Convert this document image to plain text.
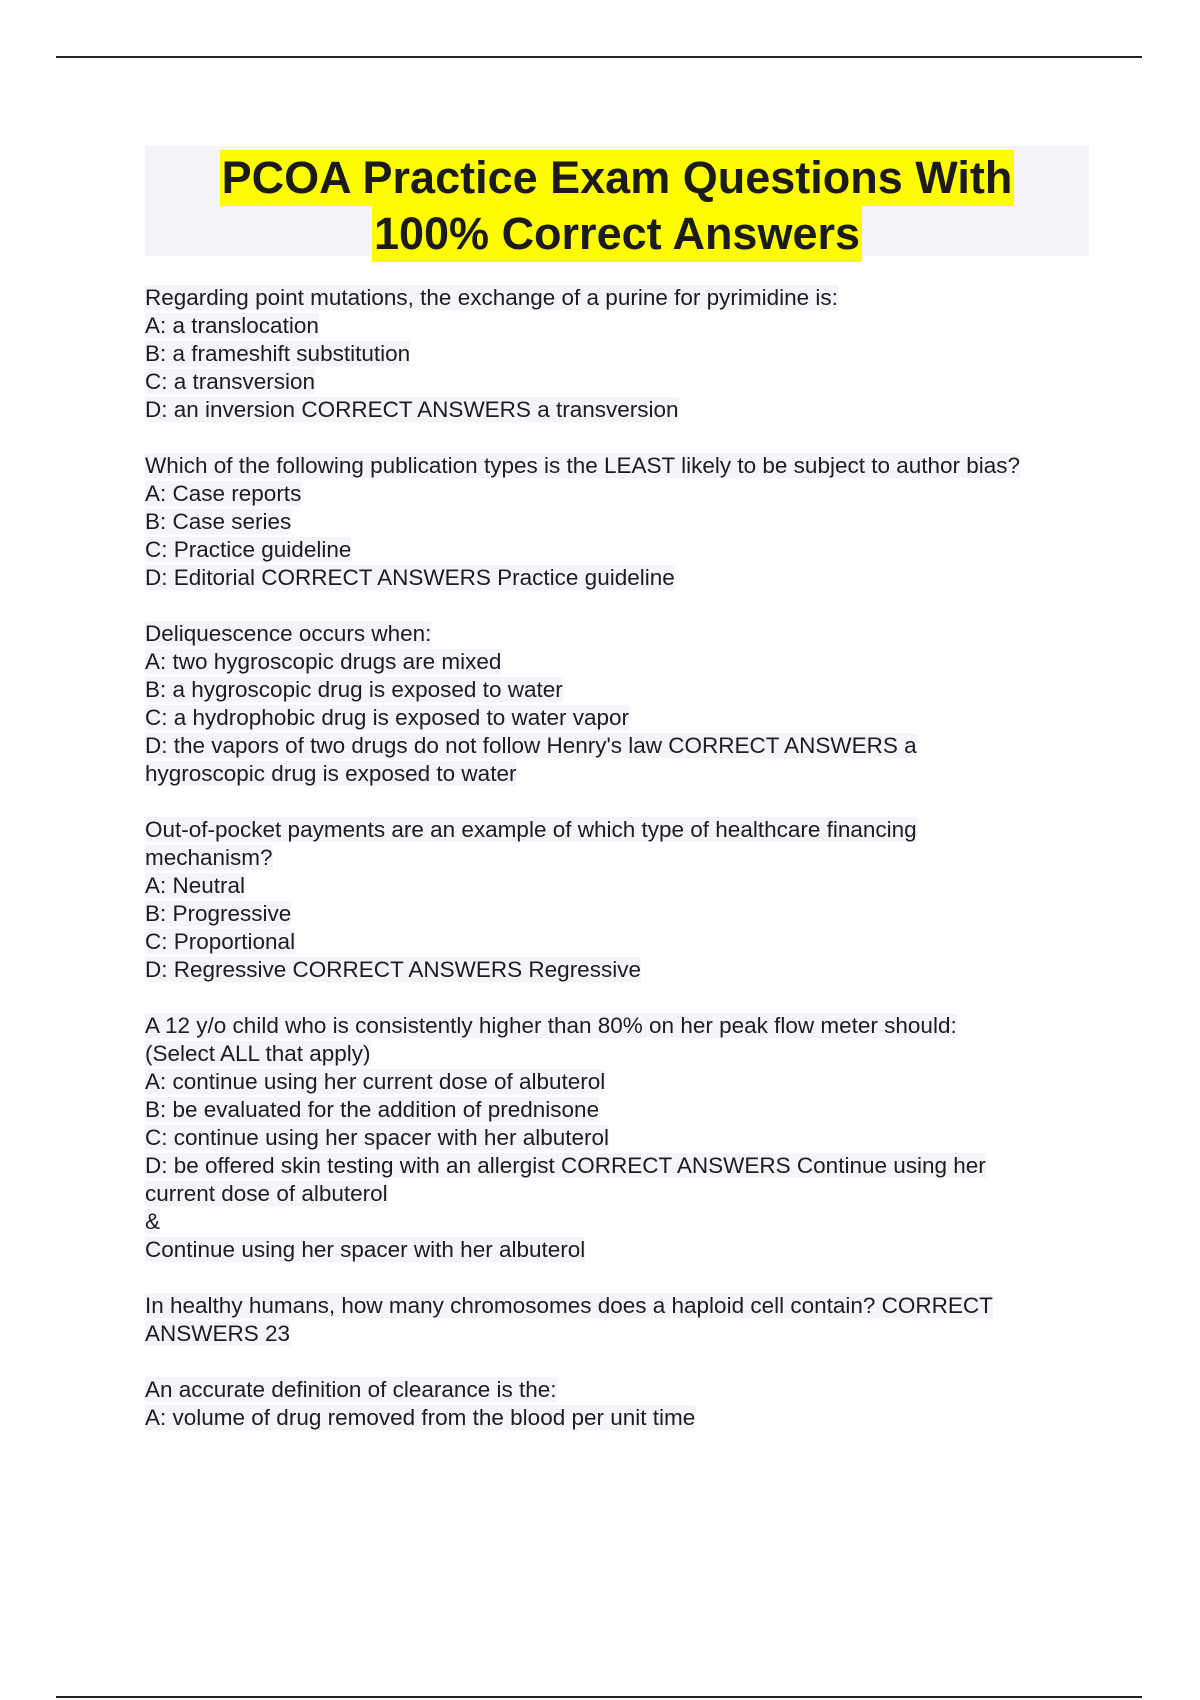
PCOA Practice Exam Questions With
100% Correct Answers
Regarding point mutations, the exchange of a purine for pyrimidine is:
A: a translocation
B: a frameshift substitution
C: a transversion
D: an inversion CORRECT ANSWERS a transversion
Which of the following publication types is the LEAST likely to be subject to author bias?
A: Case reports
B: Case series
C: Practice guideline
D: Editorial CORRECT ANSWERS Practice guideline
Deliquescence occurs when:
A: two hygroscopic drugs are mixed
B: a hygroscopic drug is exposed to water
C: a hydrophobic drug is exposed to water vapor
D: the vapors of two drugs do not follow Henry's law CORRECT ANSWERS a
hygroscopic drug is exposed to water
Out-of-pocket payments are an example of which type of healthcare financing
mechanism?
A: Neutral
B: Progressive
C: Proportional
D: Regressive CORRECT ANSWERS Regressive
A 12 y/o child who is consistently higher than 80% on her peak flow meter should:
(Select ALL that apply)
A: continue using her current dose of albuterol
B: be evaluated for the addition of prednisone
C: continue using her spacer with her albuterol
D: be offered skin testing with an allergist CORRECT ANSWERS Continue using her
current dose of albuterol
&
Continue using her spacer with her albuterol
In healthy humans, how many chromosomes does a haploid cell contain? CORRECT
ANSWERS 23
An accurate definition of clearance is the:
A: volume of drug removed from the blood per unit time
